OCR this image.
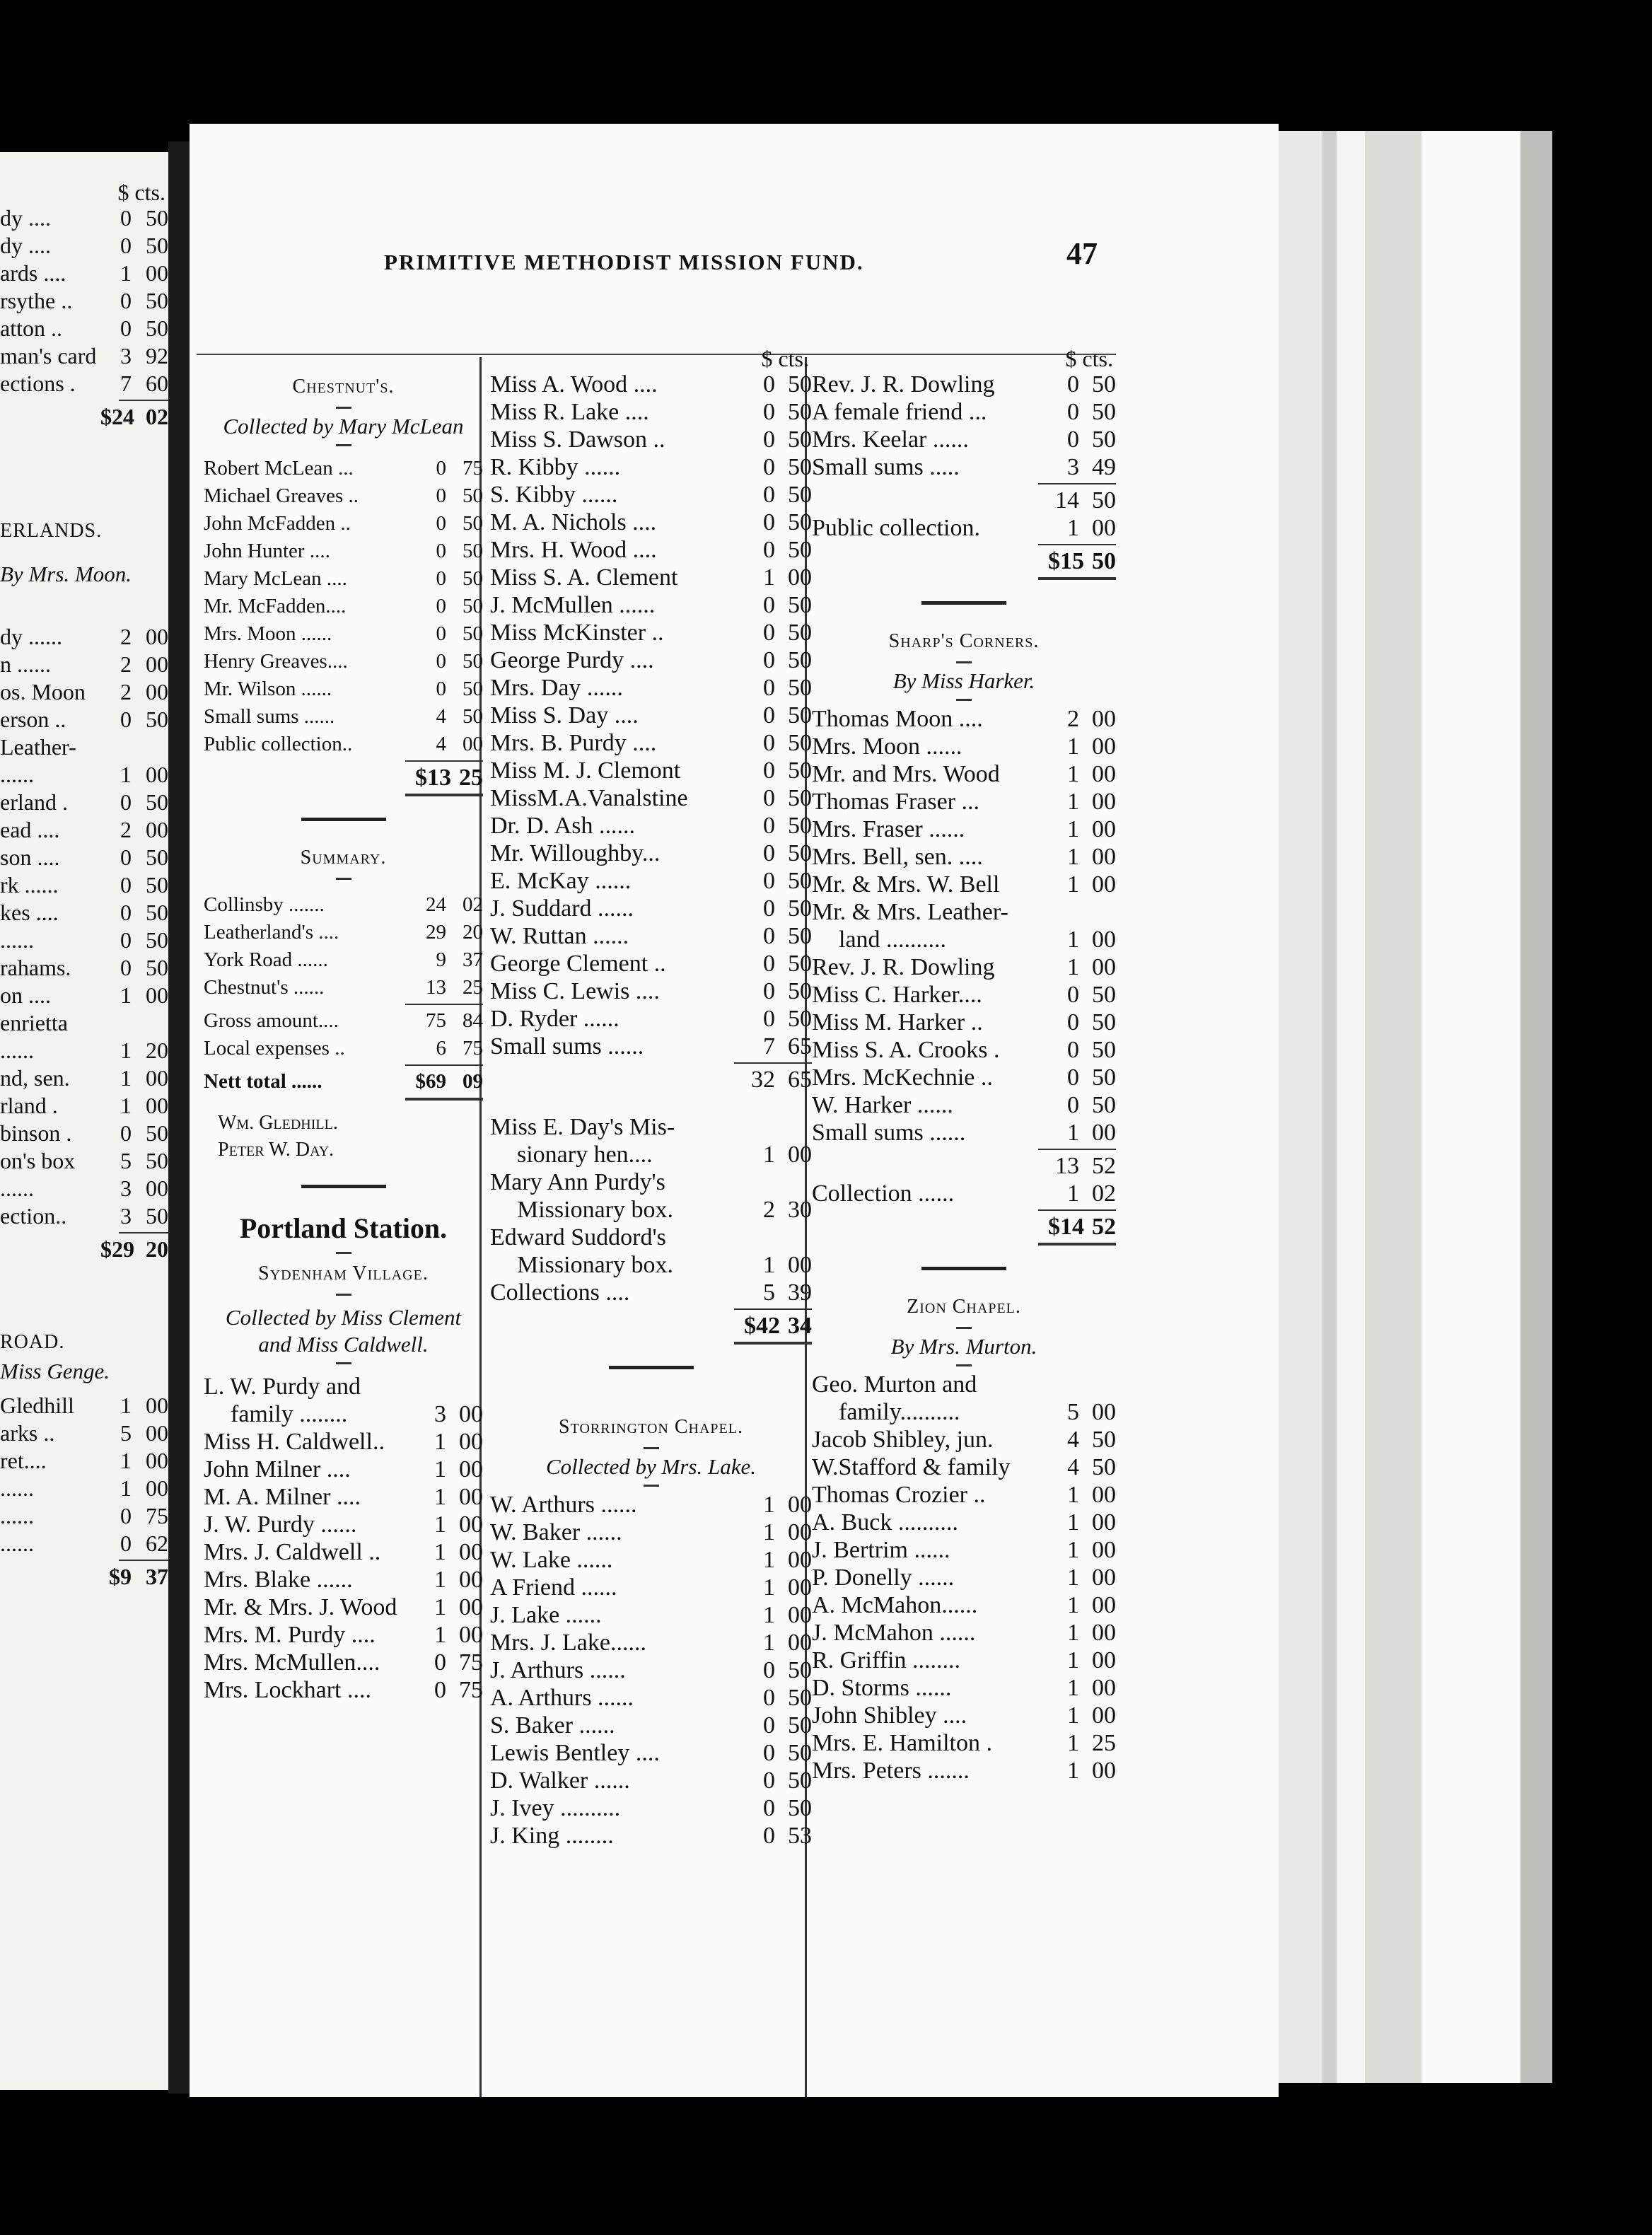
$ cts.
dy ....	0 50
dy ....	0 50
ards ....	1 00
rsythe ..	0 50
atton ..	0 50
man's card	3 92
ections .	7 60
$24 02
ERLANDS.
By Mrs. Moon.
dy ......	2 00
n ......	2 00
os. Moon	2 00
erson ..	0 50
Leather-
......	1 00
erland .	0 50
ead ....	2 00
son ....	0 50
rk ......	0 50
kes ....	0 50
......	0 50
rahams.	0 50
on ....	1 00
enrietta
......	1 20
nd, sen.	1 00
rland .	1 00
binson .	0 50
on's box	5 50
......	3 00
ection..	3 50
$29 20
ROAD.
Miss Genge.
Gledhill	1 00
arks ..	5 00
ret....	1 00
......	1 00
......	0 75
......	0 62
$9 37
PRIMITIVE METHODIST MISSION FUND.	47
Chestnut's.
Collected by Mary McLean
Robert McLean ...	0 75
Michael Greaves ..	0 50
John McFadden ..	0 50
John Hunter ....	0 50
Mary McLean ....	0 50
Mr. McFadden....	0 50
Mrs. Moon ......	0 50
Henry Greaves....	0 50
Mr. Wilson ......	0 50
Small sums ......	4 50
Public collection..	4 00
$13 25
Summary.
Collinsby .......	24 02
Leatherland's ....	29 20
York Road ......	9 37
Chestnut's ......	13 25
Gross amount....	75 84
Local expenses ..	6 75
Nett total ......	$69 09
Wm. Gledhill.
Peter W. Day.
Portland Station.
Sydenham Village.
Collected by Miss Clement
and Miss Caldwell.
L. W. Purdy and
family ........	3 00
Miss H. Caldwell..	1 00
John Milner ....	1 00
M. A. Milner ....	1 00
J. W. Purdy ......	1 00
Mrs. J. Caldwell ..	1 00
Mrs. Blake ......	1 00
Mr. & Mrs. J. Wood	1 00
Mrs. M. Purdy ....	1 00
Mrs. McMullen....	0 75
Mrs. Lockhart ....	0 75
$ cts.
Miss A. Wood ....	0 50
Miss R. Lake ....	0 50
Miss S. Dawson ..	0 50
R. Kibby ......	0 50
S. Kibby ......	0 50
M. A. Nichols ....	0 50
Mrs. H. Wood ....	0 50
Miss S. A. Clement	1 00
J. McMullen ......	0 50
Miss McKinster ..	0 50
George Purdy ....	0 50
Mrs. Day ......	0 50
Miss S. Day ....	0 50
Mrs. B. Purdy ....	0 50
Miss M. J. Clemont	0 50
MissM.A.Vanalstine	0 50
Dr. D. Ash ......	0 50
Mr. Willoughby...	0 50
E. McKay ......	0 50
J. Suddard ......	0 50
W. Ruttan ......	0 50
George Clement ..	0 50
Miss C. Lewis ....	0 50
D. Ryder ......	0 50
Small sums ......	7 65
32 65
Miss E. Day's Mis-
sionary hen....	1 00
Mary Ann Purdy's
Missionary box.	2 30
Edward Suddord's
Missionary box.	1 00
Collections ....	5 39
$42 34
Storrington Chapel.
Collected by Mrs. Lake.
W. Arthurs ......	1 00
W. Baker ......	1 00
W. Lake ......	1 00
A Friend ......	1 00
J. Lake ......	1 00
Mrs. J. Lake......	1 00
J. Arthurs ......	0 50
A. Arthurs ......	0 50
S. Baker ......	0 50
Lewis Bentley ....	0 50
D. Walker ......	0 50
J. Ivey ..........	0 50
J. King ........	0 53
$ cts.
Rev. J. R. Dowling	0 50
A female friend ...	0 50
Mrs. Keelar ......	0 50
Small sums .....	3 49
14 50
Public collection.	1 00
$15 50
Sharp's Corners.
By Miss Harker.
Thomas Moon ....	2 00
Mrs. Moon ......	1 00
Mr. and Mrs. Wood	1 00
Thomas Fraser ...	1 00
Mrs. Fraser ......	1 00
Mrs. Bell, sen. ....	1 00
Mr. & Mrs. W. Bell	1 00
Mr. & Mrs. Leather-
land ..........	1 00
Rev. J. R. Dowling	1 00
Miss C. Harker....	0 50
Miss M. Harker ..	0 50
Miss S. A. Crooks .	0 50
Mrs. McKechnie ..	0 50
W. Harker ......	0 50
Small sums ......	1 00
13 52
Collection ......	1 02
$14 52
Zion Chapel.
By Mrs. Murton.
Geo. Murton and
family..........	5 00
Jacob Shibley, jun.	4 50
W.Stafford & family	4 50
Thomas Crozier ..	1 00
A. Buck ..........	1 00
J. Bertrim ......	1 00
P. Donelly ......	1 00
A. McMahon......	1 00
J. McMahon ......	1 00
R. Griffin ........	1 00
D. Storms ......	1 00
John Shibley ....	1 00
Mrs. E. Hamilton .	1 25
Mrs. Peters .......	1 00
